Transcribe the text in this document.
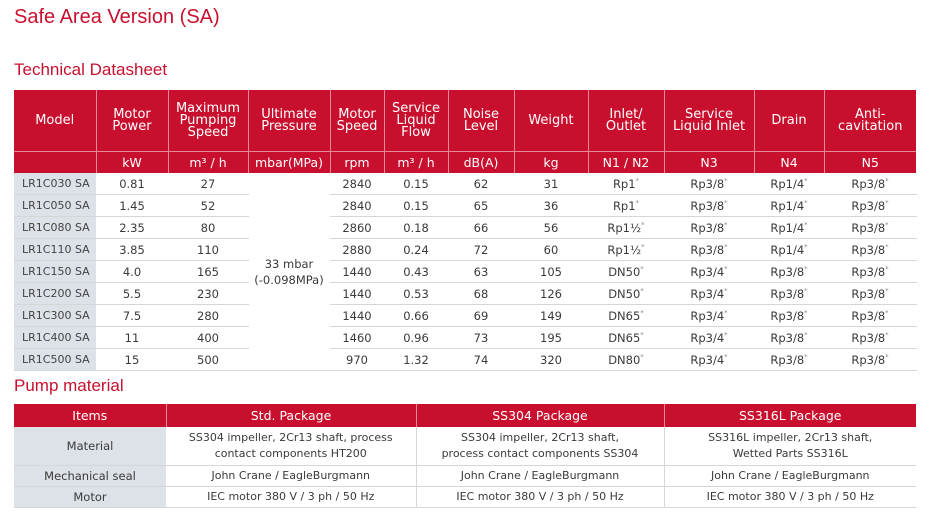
Safe Area Version (SA)
Technical Datasheet
Model	Motor Power	Maximum Pumping Speed	Ultimate Pressure	Motor Speed	Service Liquid Flow	Noise Level	Weight	Inlet/ Outlet	Service Liquid Inlet	Drain	Anti-cavitation
	kW	m³ / h	mbar(MPa)	rpm	m³ / h	dB(A)	kg	N1 / N2	N3	N4	N5
LR1C030 SA	0.81	27	33 mbar (-0.098MPa)	2840	0.15	62	31	Rp1*	Rp3/8*	Rp1/4*	Rp3/8*
LR1C050 SA	1.45	52		2840	0.15	65	36	Rp1*	Rp3/8*	Rp1/4*	Rp3/8*
LR1C080 SA	2.35	80		2860	0.18	66	56	Rp1½*	Rp3/8*	Rp1/4*	Rp3/8*
LR1C110 SA	3.85	110		2880	0.24	72	60	Rp1½*	Rp3/8*	Rp1/4*	Rp3/8*
LR1C150 SA	4.0	165		1440	0.43	63	105	DN50*	Rp3/4*	Rp3/8*	Rp3/8*
LR1C200 SA	5.5	230		1440	0.53	68	126	DN50*	Rp3/4*	Rp3/8*	Rp3/8*
LR1C300 SA	7.5	280		1440	0.66	69	149	DN65*	Rp3/4*	Rp3/8*	Rp3/8*
LR1C400 SA	11	400		1460	0.96	73	195	DN65*	Rp3/4*	Rp3/8*	Rp3/8*
LR1C500 SA	15	500		970	1.32	74	320	DN80*	Rp3/4*	Rp3/8*	Rp3/8*
Pump material
Items	Std. Package	SS304 Package	SS316L Package
Material	SS304 impeller, 2Cr13 shaft, process contact components HT200	SS304 impeller, 2Cr13 shaft, process contact components SS304	SS316L impeller, 2Cr13 shaft, Wetted Parts SS316L
Mechanical seal	John Crane / EagleBurgmann	John Crane / EagleBurgmann	John Crane / EagleBurgmann
Motor	IEC motor 380 V / 3 ph / 50 Hz	IEC motor 380 V / 3 ph / 50 Hz	IEC motor 380 V / 3 ph / 50 Hz
